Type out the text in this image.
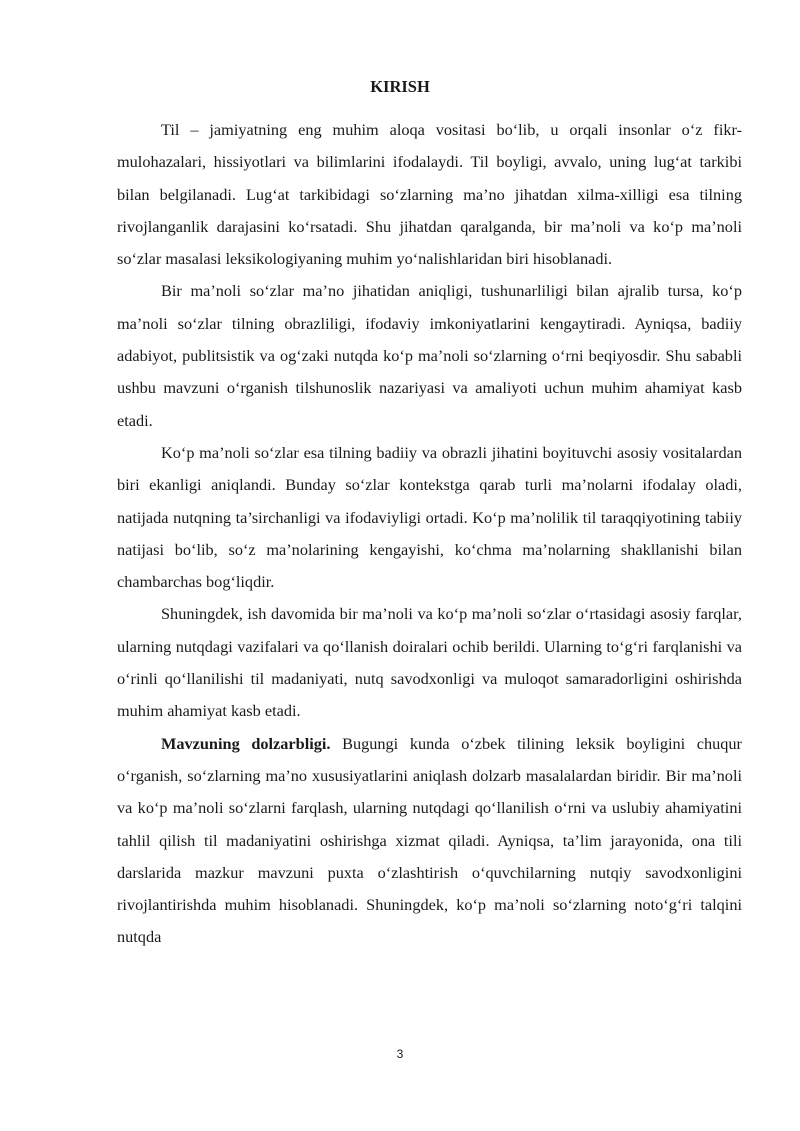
KIRISH

Til – jamiyatning eng muhim aloqa vositasi bo‘lib, u orqali insonlar o‘z fikr-mulohazalari, hissiyotlari va bilimlarini ifodalaydi. Til boyligi, avvalo, uning lug‘at tarkibi bilan belgilanadi. Lug‘at tarkibidagi so‘zlarning ma’no jihatdan xilma-xilligi esa tilning rivojlanganlik darajasini ko‘rsatadi. Shu jihatdan qaralganda, bir ma’noli va ko‘p ma’noli so‘zlar masalasi leksikologiyaning muhim yo‘nalishlaridan biri hisoblanadi.

Bir ma’noli so‘zlar ma’no jihatidan aniqligi, tushunarliligi bilan ajralib tursa, ko‘p ma’noli so‘zlar tilning obrazliligi, ifodaviy imkoniyatlarini kengaytiradi. Ayniqsa, badiiy adabiyot, publitsistik va og‘zaki nutqda ko‘p ma’noli so‘zlarning o‘rni beqiyosdir. Shu sababli ushbu mavzuni o‘rganish tilshunoslik nazariyasi va amaliyoti uchun muhim ahamiyat kasb etadi.

Ko‘p ma’noli so‘zlar esa tilning badiiy va obrazli jihatini boyituvchi asosiy vositalardan biri ekanligi aniqlandi. Bunday so‘zlar kontekstga qarab turli ma’nolarni ifodalay oladi, natijada nutqning ta’sirchanligi va ifodaviyligi ortadi. Ko‘p ma’nolilik til taraqqiyotining tabiiy natijasi bo‘lib, so‘z ma’nolarining kengayishi, ko‘chma ma’nolarning shakllanishi bilan chambarchas bog‘liqdir.

Shuningdek, ish davomida bir ma’noli va ko‘p ma’noli so‘zlar o‘rtasidagi asosiy farqlar, ularning nutqdagi vazifalari va qo‘llanish doiralari ochib berildi. Ularning to‘g‘ri farqlanishi va o‘rinli qo‘llanilishi til madaniyati, nutq savodxonligi va muloqot samaradorligini oshirishda muhim ahamiyat kasb etadi.

Mavzuning dolzarbligi. Bugungi kunda o‘zbek tilining leksik boyligini chuqur o‘rganish, so‘zlarning ma’no xususiyatlarini aniqlash dolzarb masalalardan biridir. Bir ma’noli va ko‘p ma’noli so‘zlarni farqlash, ularning nutqdagi qo‘llanilish o‘rni va uslubiy ahamiyatini tahlil qilish til madaniyatini oshirishga xizmat qiladi. Ayniqsa, ta’lim jarayonida, ona tili darslarida mazkur mavzuni puxta o‘zlashtirish o‘quvchilarning nutqiy savodxonligini rivojlantirishda muhim hisoblanadi. Shuningdek, ko‘p ma’noli so‘zlarning noto‘g‘ri talqini nutqda

3
